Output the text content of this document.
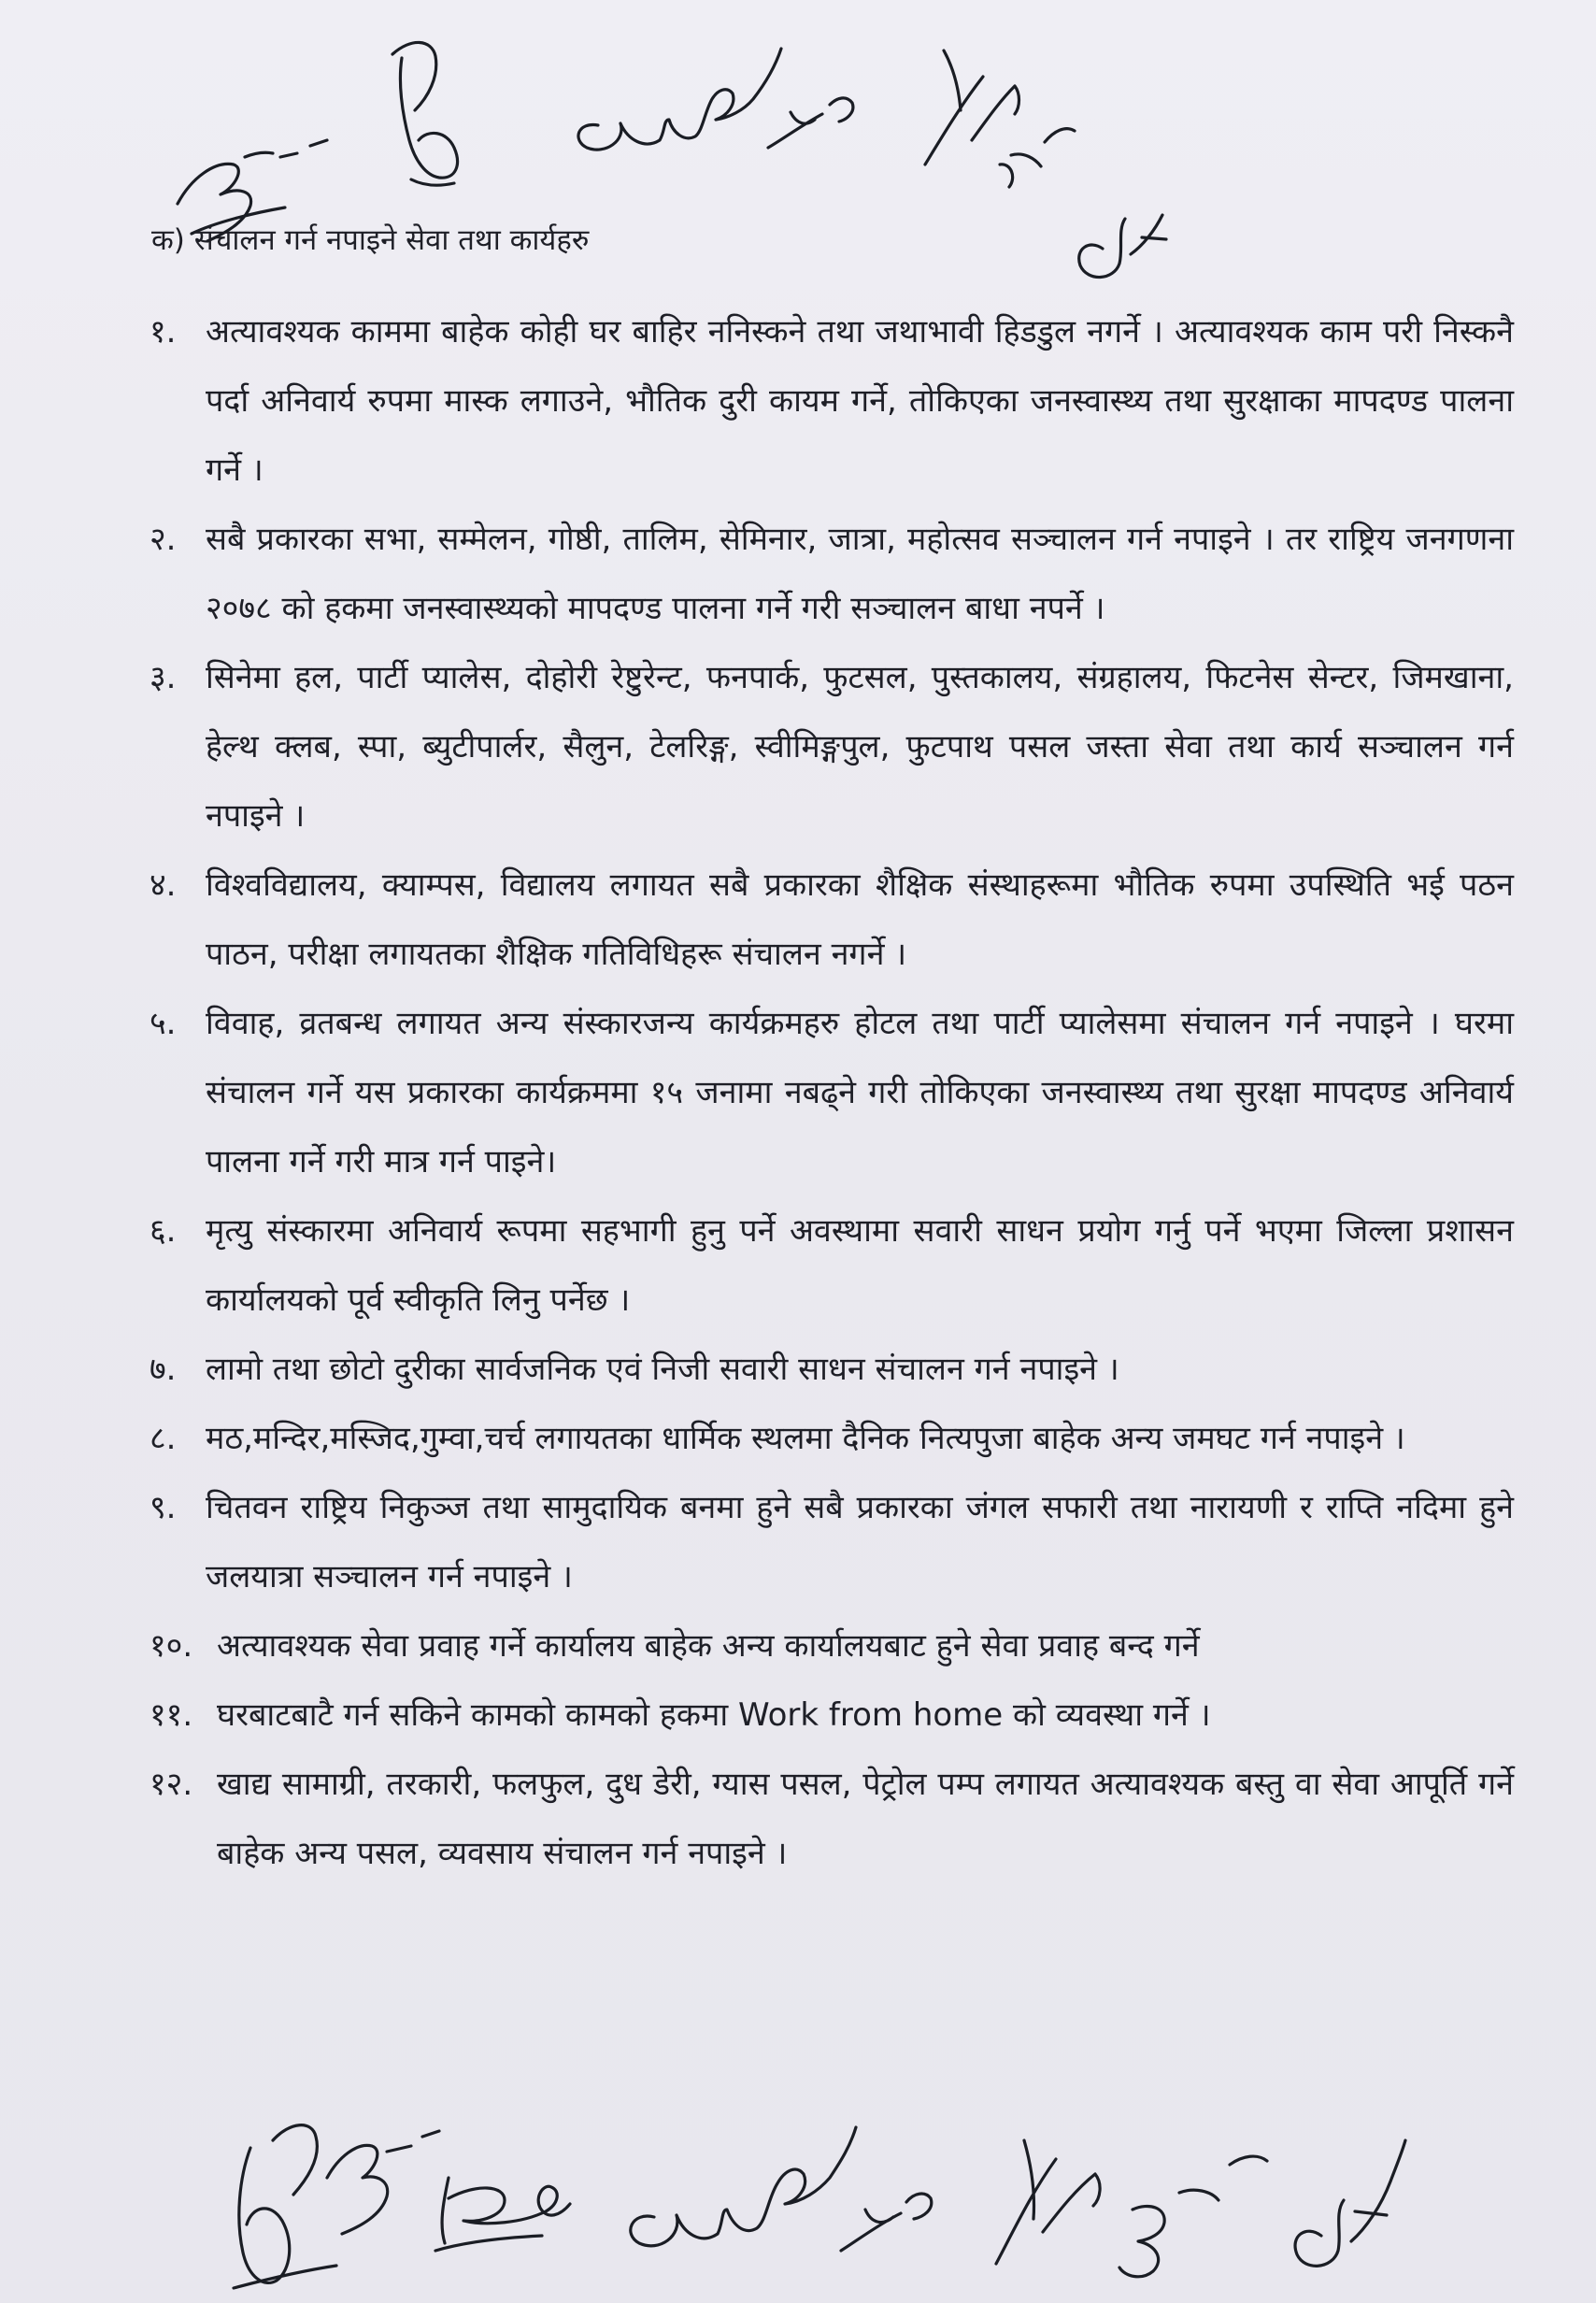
क) संचालन गर्न नपाइने सेवा तथा कार्यहरु
१. अत्यावश्यक काममा बाहेक कोही घर बाहिर ननिस्कने तथा जथाभावी हिडडुल नगर्ने । अत्यावश्यक काम परी निस्कनै पर्दा अनिवार्य रुपमा मास्क लगाउने, भौतिक दुरी कायम गर्ने, तोकिएका जनस्वास्थ्य तथा सुरक्षाका मापदण्ड पालना गर्ने ।
२. सबै प्रकारका सभा, सम्मेलन, गोष्ठी, तालिम, सेमिनार, जात्रा, महोत्सव सञ्चालन गर्न नपाइने । तर राष्ट्रिय जनगणना २०७८ को हकमा जनस्वास्थ्यको मापदण्ड पालना गर्ने गरी सञ्चालन बाधा नपर्ने ।
३. सिनेमा हल, पार्टी प्यालेस, दोहोरी रेष्टुरेन्ट, फनपार्क, फुटसल, पुस्तकालय, संग्रहालय, फिटनेस सेन्टर, जिमखाना, हेल्थ क्लब, स्पा, ब्युटीपार्लर, सैलुन, टेलरिङ्ग, स्वीमिङ्गपुल, फुटपाथ पसल जस्ता सेवा तथा कार्य सञ्चालन गर्न नपाइने ।
४. विश्वविद्यालय, क्याम्पस, विद्यालय लगायत सबै प्रकारका शैक्षिक संस्थाहरूमा भौतिक रुपमा उपस्थिति भई पठन पाठन, परीक्षा लगायतका शैक्षिक गतिविधिहरू संचालन नगर्ने ।
५. विवाह, व्रतबन्ध लगायत अन्य संस्कारजन्य कार्यक्रमहरु होटल तथा पार्टी प्यालेसमा संचालन गर्न नपाइने । घरमा संचालन गर्ने यस प्रकारका कार्यक्रममा १५ जनामा नबढ्ने गरी तोकिएका जनस्वास्थ्य तथा सुरक्षा मापदण्ड अनिवार्य पालना गर्ने गरी मात्र गर्न पाइने।
६. मृत्यु संस्कारमा अनिवार्य रूपमा सहभागी हुनु पर्ने अवस्थामा सवारी साधन प्रयोग गर्नु पर्ने भएमा जिल्ला प्रशासन कार्यालयको पूर्व स्वीकृति लिनु पर्नेछ ।
७. लामो तथा छोटो दुरीका सार्वजनिक एवं निजी सवारी साधन संचालन गर्न नपाइने ।
८. मठ,मन्दिर,मस्जिद,गुम्वा,चर्च लगायतका धार्मिक स्थलमा दैनिक नित्यपुजा बाहेक अन्य जमघट गर्न नपाइने ।
९. चितवन राष्ट्रिय निकुञ्ज तथा सामुदायिक बनमा हुने सबै प्रकारका जंगल सफारी तथा नारायणी र राप्ति नदिमा हुने जलयात्रा सञ्चालन गर्न नपाइने ।
१०. अत्यावश्यक सेवा प्रवाह गर्ने कार्यालय बाहेक अन्य कार्यालयबाट हुने सेवा प्रवाह बन्द गर्ने
११. घरबाटबाटै गर्न सकिने कामको कामको हकमा Work from home को व्यवस्था गर्ने ।
१२. खाद्य सामाग्री, तरकारी, फलफुल, दुध डेरी, ग्यास पसल, पेट्रोल पम्प लगायत अत्यावश्यक बस्तु वा सेवा आपूर्ति गर्ने बाहेक अन्य पसल, व्यवसाय संचालन गर्न नपाइने ।
